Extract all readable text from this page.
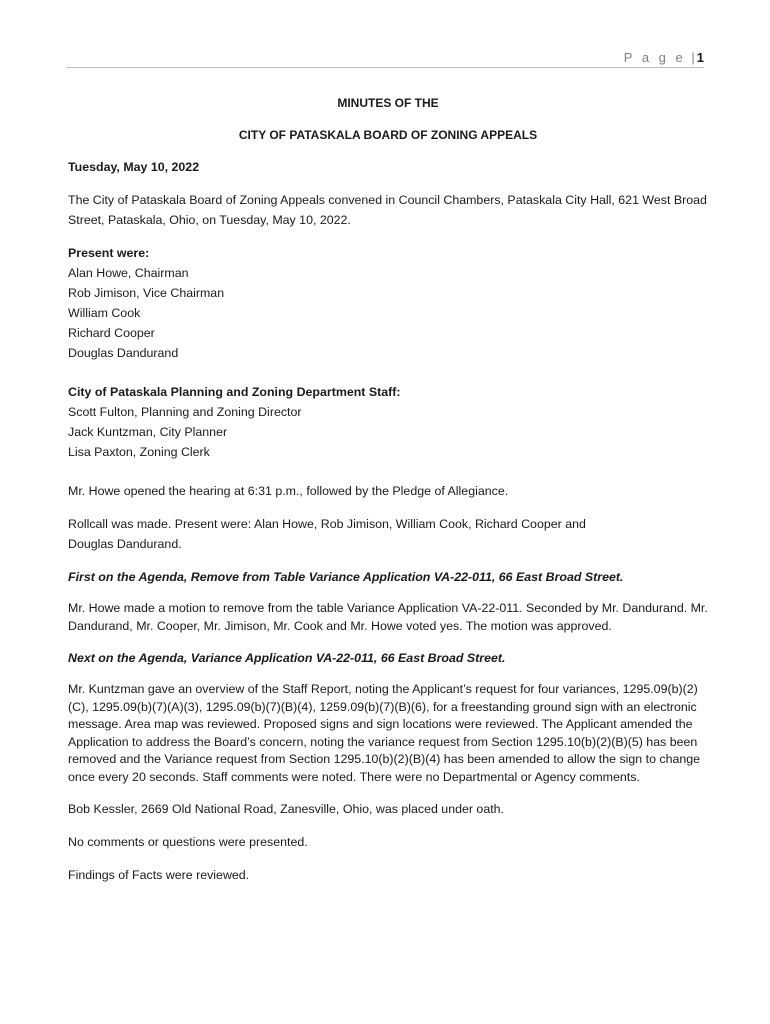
P a g e | 1
MINUTES OF THE
CITY OF PATASKALA BOARD OF ZONING APPEALS
Tuesday, May 10, 2022
The City of Pataskala Board of Zoning Appeals convened in Council Chambers, Pataskala City Hall, 621 West Broad Street, Pataskala, Ohio, on Tuesday, May 10, 2022.
Present were:
Alan Howe, Chairman
Rob Jimison, Vice Chairman
William Cook
Richard Cooper
Douglas Dandurand
City of Pataskala Planning and Zoning Department Staff:
Scott Fulton, Planning and Zoning Director
Jack Kuntzman, City Planner
Lisa Paxton, Zoning Clerk
Mr. Howe opened the hearing at 6:31 p.m., followed by the Pledge of Allegiance.
Rollcall was made. Present were: Alan Howe, Rob Jimison, William Cook, Richard Cooper and
Douglas Dandurand.
First on the Agenda, Remove from Table Variance Application VA-22-011, 66 East Broad Street.
Mr. Howe made a motion to remove from the table Variance Application VA-22-011. Seconded by Mr. Dandurand. Mr. Dandurand, Mr. Cooper, Mr. Jimison, Mr. Cook and Mr. Howe voted yes. The motion was approved.
Next on the Agenda, Variance Application VA-22-011, 66 East Broad Street.
Mr. Kuntzman gave an overview of the Staff Report, noting the Applicant’s request for four variances, 1295.09(b)(2)(C), 1295.09(b)(7)(A)(3), 1295.09(b)(7)(B)(4), 1259.09(b)(7)(B)(6), for a freestanding ground sign with an electronic message. Area map was reviewed. Proposed signs and sign locations were reviewed. The Applicant amended the Application to address the Board’s concern, noting the variance request from Section 1295.10(b)(2)(B)(5) has been removed and the Variance request from Section 1295.10(b)(2)(B)(4) has been amended to allow the sign to change once every 20 seconds. Staff comments were noted. There were no Departmental or Agency comments.
Bob Kessler, 2669 Old National Road, Zanesville, Ohio, was placed under oath.
No comments or questions were presented.
Findings of Facts were reviewed.
